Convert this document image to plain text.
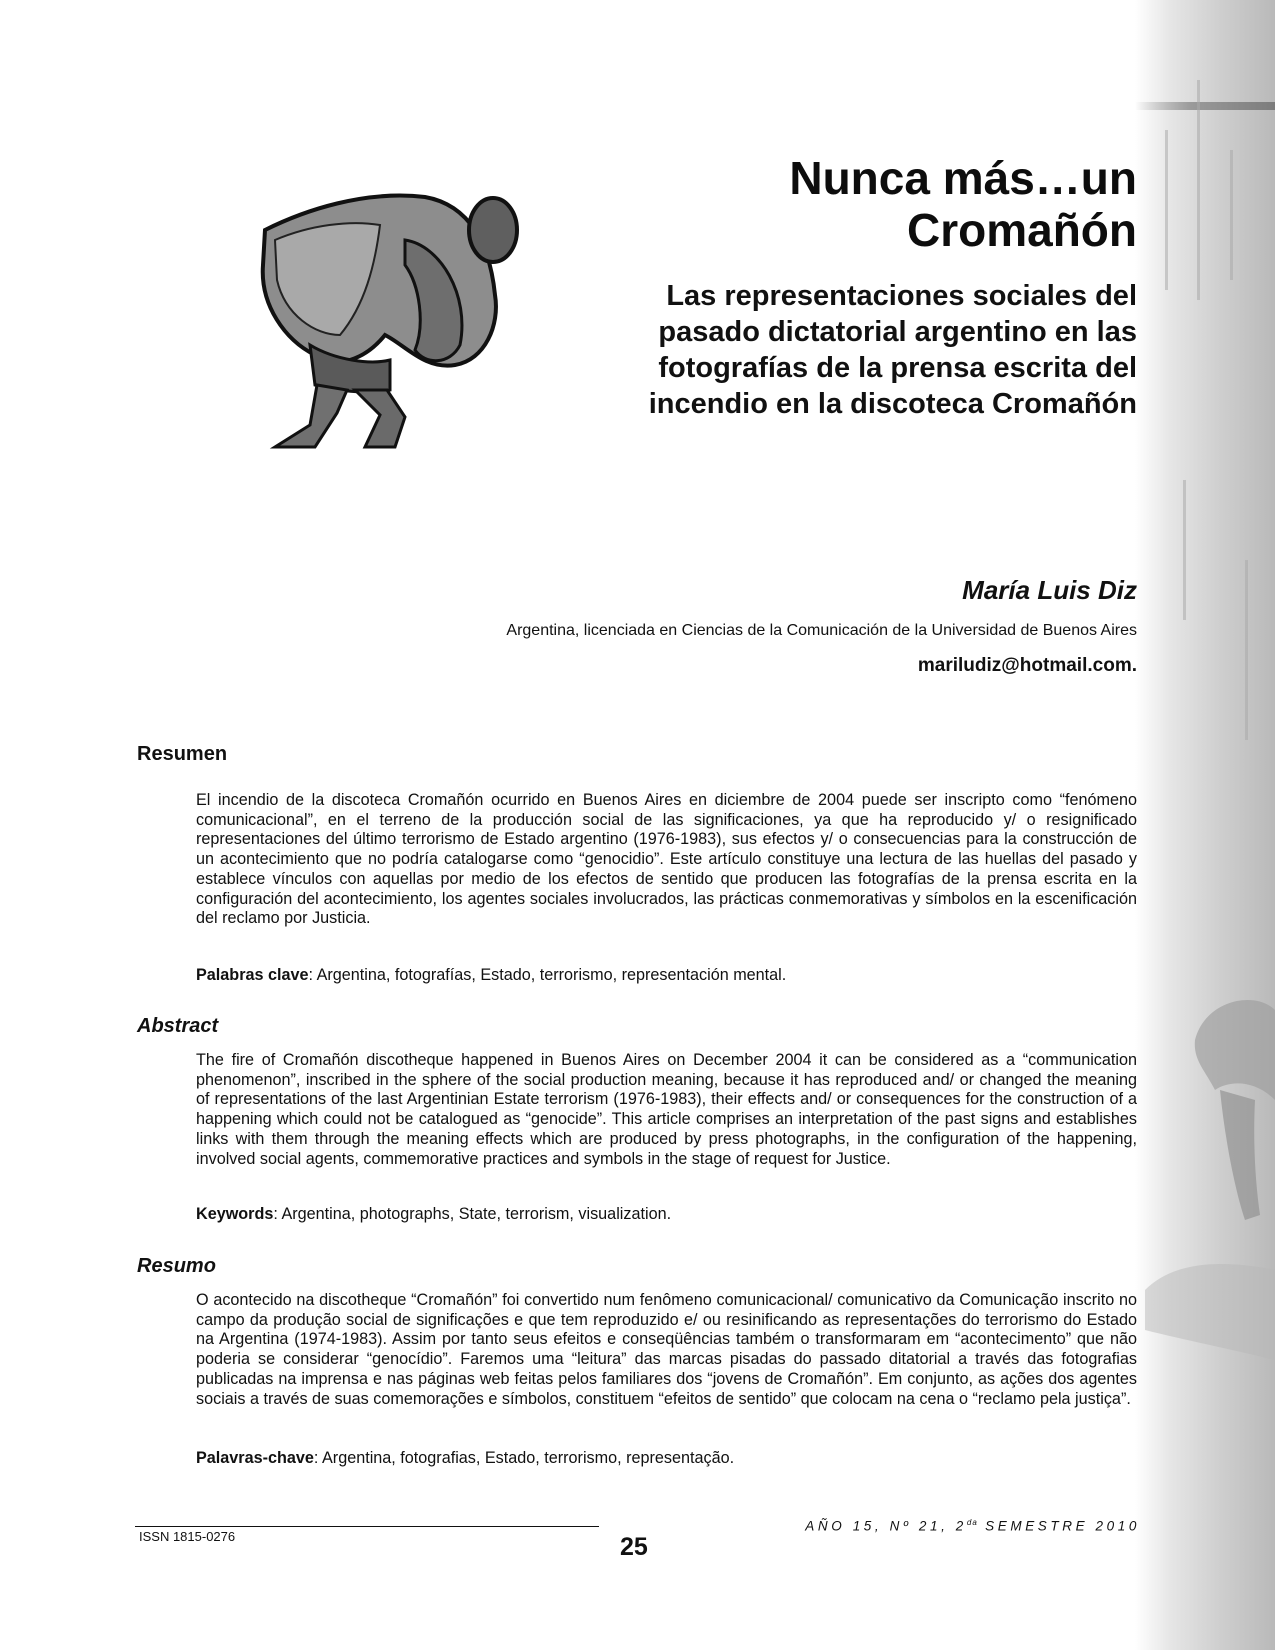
Nunca más…un
Cromañón
Las representaciones sociales del
pasado dictatorial argentino en las
fotografías de la prensa escrita del
incendio en la discoteca Cromañón
María Luis Diz
Argentina, licenciada en Ciencias de la Comunicación de la Universidad de Buenos Aires
mariludiz@hotmail.com.
Resumen

El incendio de la discoteca Cromañón ocurrido en Buenos Aires en diciembre de 2004 puede ser inscripto como “fenómeno comunicacional”, en el terreno de la producción social de las significaciones, ya que ha reproducido y/ o resignificado representaciones del último terrorismo de Estado argentino (1976-1983), sus efectos y/ o consecuencias para la construcción de un acontecimiento que no podría catalogarse como “genocidio”. Este artículo constituye una lectura de las huellas del pasado y establece vínculos con aquellas por medio de los efectos de sentido que producen las fotografías de la prensa escrita en la configuración del acontecimiento, los agentes sociales involucrados, las prácticas conmemorativas y símbolos en la escenificación del reclamo por Justicia.

Palabras clave: Argentina, fotografías, Estado, terrorismo, representación mental.
Abstract

The fire of Cromañón discotheque happened in Buenos Aires on December 2004 it can be considered as a “communication phenomenon”, inscribed in the sphere of the social production meaning, because it has reproduced and/ or changed the meaning of representations of the last Argentinian Estate terrorism (1976-1983), their effects and/ or consequences for the construction of a happening which could not be catalogued as “genocide”. This article comprises an interpretation of the past signs and establishes links with them through the meaning effects which are produced by press photographs, in the configuration of the happening, involved social agents, commemorative practices and symbols in the stage of request for Justice.

Keywords: Argentina, photographs, State, terrorism, visualization.
Resumo

O acontecido na discotheque “Cromañón” foi convertido num fenômeno comunicacional/ comunicativo da Comunicação inscrito no campo da produção social de significações e que tem reproduzido e/ ou resinificando as representações do terrorismo do Estado na Argentina (1974-1983). Assim por tanto seus efeitos e conseqüências também o transformaram em “acontecimento” que não poderia se considerar “genocídio”. Faremos uma “leitura” das marcas pisadas do passado ditatorial a través das fotografias publicadas na imprensa e nas páginas web feitas pelos familiares dos “jovens de Cromañón”. Em conjunto, as ações dos agentes sociais a través de suas comemorações e símbolos, constituem “efeitos de sentido” que colocam na cena o “reclamo pela justiça”.

Palavras-chave: Argentina, fotografias, Estado, terrorismo, representação.
ISSN 1815-0276	25
AÑO 15, Nº 21, $2^{da}$ SEMESTRE 2010
